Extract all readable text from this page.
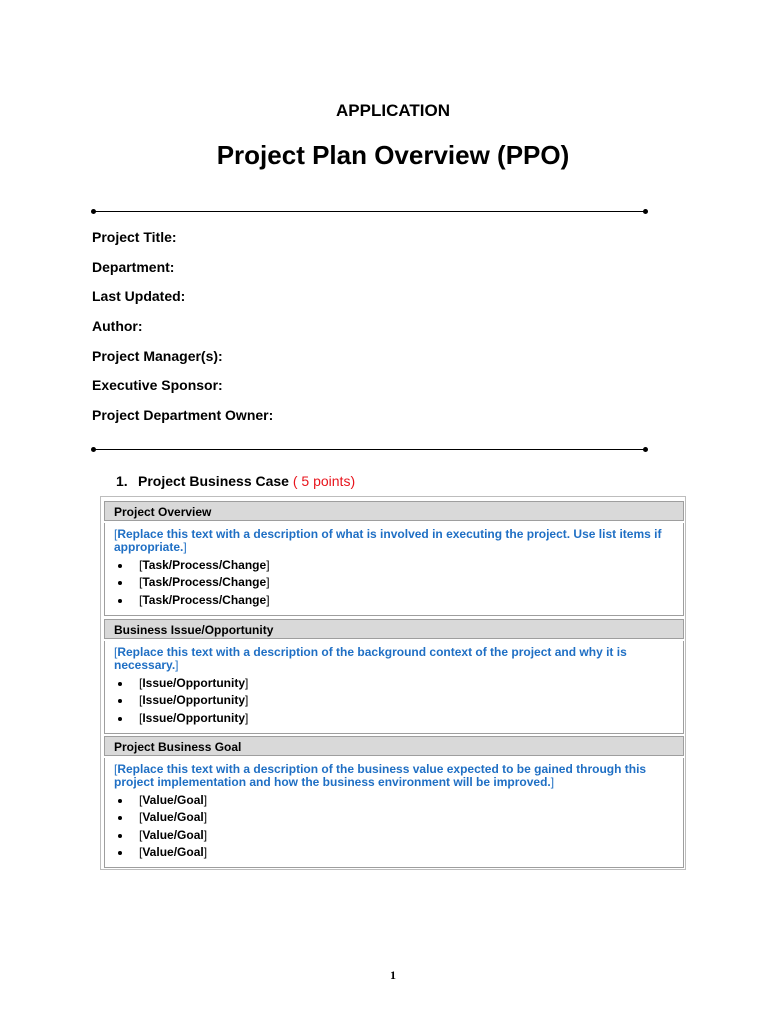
APPLICATION
Project Plan Overview (PPO)
Project Title:
Department:
Last Updated:
Author:
Project Manager(s):
Executive Sponsor:
Project Department Owner:
1. Project Business Case ( 5 points)
Project Overview
[Replace this text with a description of what is involved in executing the project. Use list items if appropriate.]
[Task/Process/Change]
[Task/Process/Change]
[Task/Process/Change]
Business Issue/Opportunity
[Replace this text with a description of the background context of the project and why it is necessary.]
[Issue/Opportunity]
[Issue/Opportunity]
[Issue/Opportunity]
Project Business Goal
[Replace this text with a description of the business value expected to be gained through this project implementation and how the business environment will be improved.]
[Value/Goal]
[Value/Goal]
[Value/Goal]
[Value/Goal]
1
